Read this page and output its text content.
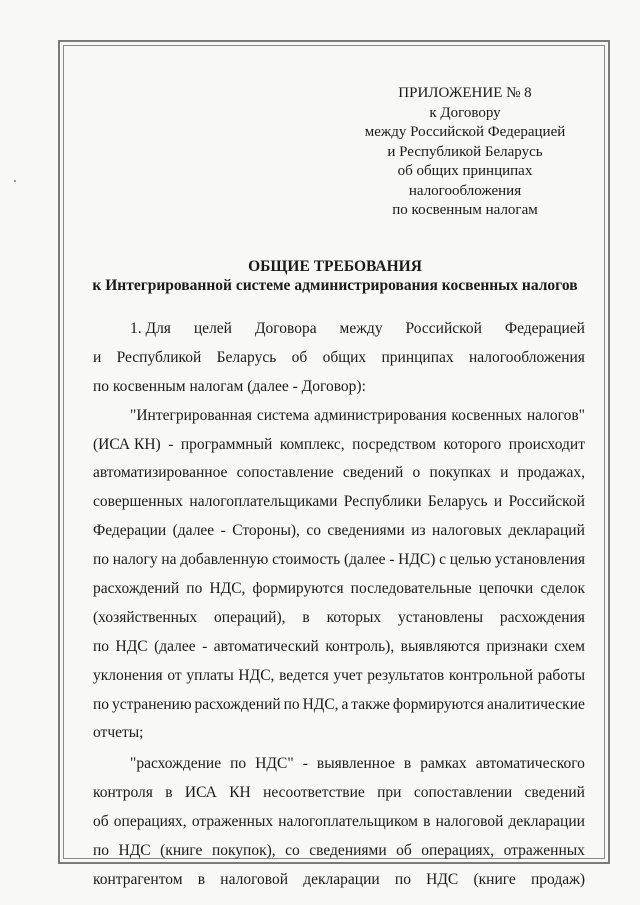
ПРИЛОЖЕНИЕ № 8
к Договору
между Российской Федерацией
и Республикой Беларусь
об общих принципах
налогообложения
по косвенным налогам
ОБЩИЕ ТРЕБОВАНИЯ
к Интегрированной системе администрирования косвенных налогов
1. Для целей Договора между Российской Федерацией
и Республикой Беларусь об общих принципах налогообложения
по косвенным налогам (далее - Договор):
"Интегрированная система администрирования косвенных налогов"
(ИСА КН) - программный комплекс, посредством которого происходит
автоматизированное сопоставление сведений о покупках и продажах,
совершенных налогоплательщиками Республики Беларусь и Российской
Федерации (далее - Стороны), со сведениями из налоговых деклараций
по налогу на добавленную стоимость (далее - НДС) с целью установления
расхождений по НДС, формируются последовательные цепочки сделок
(хозяйственных операций), в которых установлены расхождения
по НДС (далее - автоматический контроль), выявляются признаки схем
уклонения от уплаты НДС, ведется учет результатов контрольной работы
по устранению расхождений по НДС, а также формируются аналитические
отчеты;
"расхождение по НДС" - выявленное в рамках автоматического
контроля в ИСА КН несоответствие при сопоставлении сведений
об операциях, отраженных налогоплательщиком в налоговой декларации
по НДС (книге покупок), со сведениями об операциях, отраженных
контрагентом в налоговой декларации по НДС (книге продаж)
